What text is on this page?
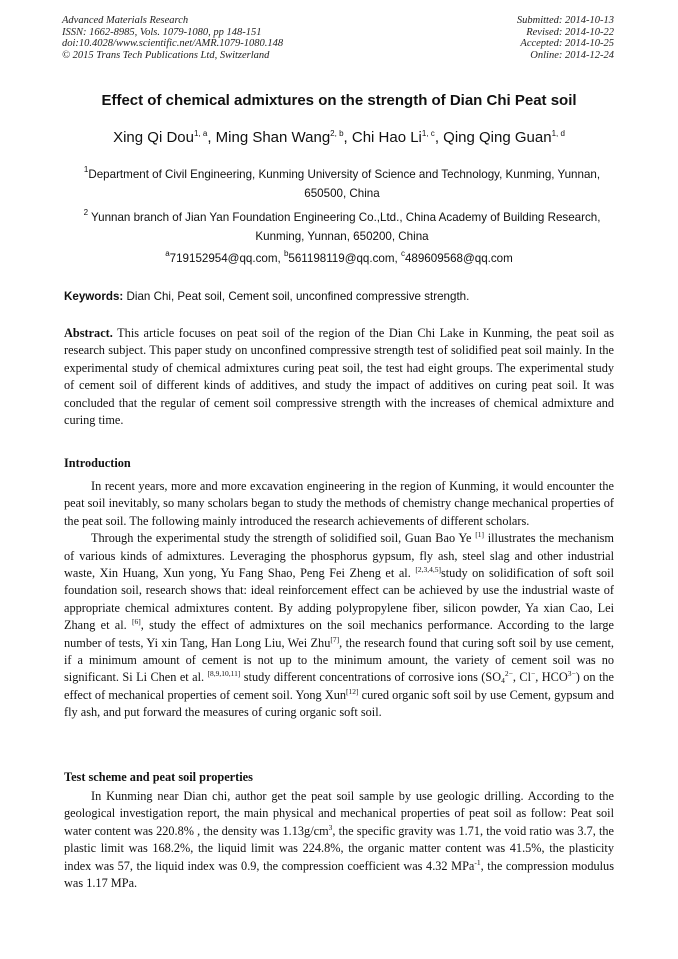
Advanced Materials Research
ISSN: 1662-8985, Vols. 1079-1080, pp 148-151
doi:10.4028/www.scientific.net/AMR.1079-1080.148
© 2015 Trans Tech Publications Ltd, Switzerland
Submitted: 2014-10-13
Revised: 2014-10-22
Accepted: 2014-10-25
Online: 2014-12-24
Effect of chemical admixtures on the strength of Dian Chi Peat soil
Xing Qi Dou$^{1, a}$, Ming Shan Wang$^{2, b}$, Chi Hao Li$^{1, c}$, Qing Qing Guan$^{1, d}$
$^1$Department of Civil Engineering, Kunming University of Science and Technology, Kunming, Yunnan, 650500, China
$^2$ Yunnan branch of Jian Yan Foundation Engineering Co.,Ltd., China Academy of Building Research, Kunming, Yunnan, 650200, China
$^a$719152954@qq.com, $^b$561198119@qq.com, $^c$489609568@qq.com
Keywords: Dian Chi, Peat soil, Cement soil, unconfined compressive strength.
Abstract. This article focuses on peat soil of the region of the Dian Chi Lake in Kunming, the peat soil as research subject. This paper study on unconfined compressive strength test of solidified peat soil mainly. In the experimental study of chemical admixtures curing peat soil, the test had eight groups. The experimental study of cement soil of different kinds of additives, and study the impact of additives on curing peat soil. It was concluded that the regular of cement soil compressive strength with the increases of chemical admixture and curing time.
Introduction

In recent years, more and more excavation engineering in the region of Kunming, it would encounter the peat soil inevitably, so many scholars began to study the methods of chemistry change mechanical properties of the peat soil. The following mainly introduced the research achievements of different scholars.

Through the experimental study the strength of solidified soil, Guan Bao Ye [1] illustrates the mechanism of various kinds of admixtures. Leveraging the phosphorus gypsum, fly ash, steel slag and other industrial waste, Xin Huang, Xun yong, Yu Fang Shao, Peng Fei Zheng et al. [2,3,4,5]study on solidification of soft soil foundation soil, research shows that: ideal reinforcement effect can be achieved by use the industrial waste of appropriate chemical admixtures content. By adding polypropylene fiber, silicon powder, Ya xian Cao, Lei Zhang et al. [6], study the effect of admixtures on the soil mechanics performance. According to the large number of tests, Yi xin Tang, Han Long Liu, Wei Zhu[7], the research found that curing soft soil by use cement, if a minimum amount of cement is not up to the minimum amount, the variety of cement soil was no significant. Si Li Chen et al. [8,9,10,11] study different concentrations of corrosive ions ($SO_4^{2-}$, Cl−, $HCO^{3-}$) on the effect of mechanical properties of cement soil. Yong Xun[12] cured organic soft soil by use Cement, gypsum and fly ash, and put forward the measures of curing organic soft soil.

Test scheme and peat soil properties

In Kunming near Dian chi, author get the peat soil sample by use geologic drilling. According to the geological investigation report, the main physical and mechanical properties of peat soil as follow: Peat soil water content was 220.8% , the density was 1.13g/cm$^3$, the specific gravity was 1.71, the void ratio was 3.7, the plastic limit was 168.2%, the liquid limit was 224.8%, the organic matter content was 41.5%, the plasticity index was 57, the liquid index was 0.9, the compression coefficient was 4.32 MPa$^{-1}$, the compression modulus was 1.17 MPa.
